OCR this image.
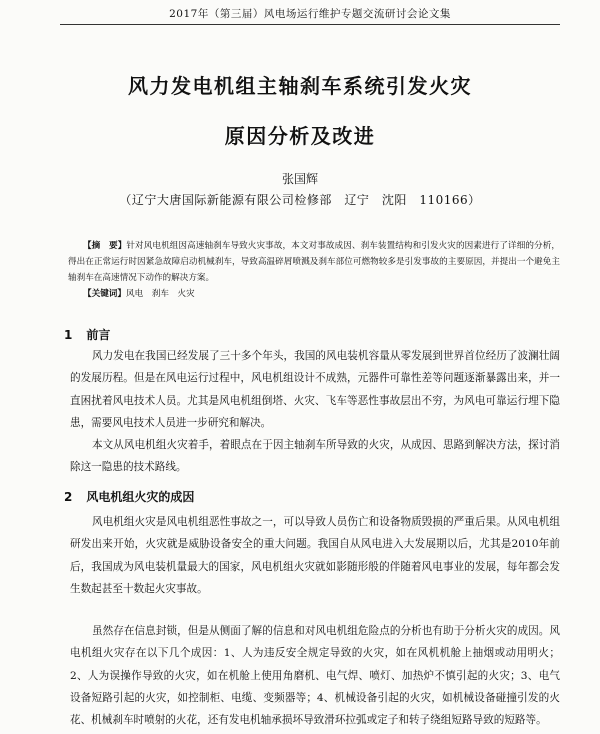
2017年（第三届）风电场运行维护专题交流研讨会论文集
风力发电机组主轴刹车系统引发火灾
原因分析及改进
张国辉
（辽宁大唐国际新能源有限公司检修部　辽宁　沈阳　110166）
【摘　要】针对风电机组因高速轴刹车导致火灾事故，本文对事故成因、刹车装置结构和引发火灾的因素进行了详细的分析，得出在正常运行时因紧急故障启动机械刹车，导致高温碎屑喷溅及刹车部位可燃物较多是引发事故的主要原因，并提出一个避免主轴刹车在高速情况下动作的解决方案。
【关键词】风电　刹车　火灾
1 前言
风力发电在我国已经发展了三十多个年头，我国的风电装机容量从零发展到世界首位经历了波澜壮阔的发展历程。但是在风电运行过程中，风电机组设计不成熟，元器件可靠性差等问题逐渐暴露出来，并一直困扰着风电技术人员。尤其是风电机组倒塔、火灾、飞车等恶性事故层出不穷，为风电可靠运行埋下隐患，需要风电技术人员进一步研究和解决。
本文从风电机组火灾着手，着眼点在于因主轴刹车所导致的火灾，从成因、思路到解决方法，探讨消除这一隐患的技术路线。
2 风电机组火灾的成因
风电机组火灾是风电机组恶性事故之一，可以导致人员伤亡和设备物质毁损的严重后果。从风电机组研发出来开始，火灾就是威胁设备安全的重大问题。我国自从风电进入大发展期以后，尤其是2010年前后，我国成为风电装机量最大的国家，风电机组火灾就如影随形般的伴随着风电事业的发展，每年都会发生数起甚至十数起火灾事故。
虽然存在信息封锁，但是从侧面了解的信息和对风电机组危险点的分析也有助于分析火灾的成因。风电机组火灾存在以下几个成因：1、人为违反安全规定导致的火灾，如在风机机舱上抽烟或动用明火；2、人为误操作导致的火灾，如在机舱上使用角磨机、电气焊、喷灯、加热炉不慎引起的火灾；3、电气设备短路引起的火灾，如控制柜、电缆、变频器等；4、机械设备引起的火灾，如机械设备碰撞引发的火花、机械刹车时喷射的火花，还有发电机轴承损坏导致滑环拉弧或定子和转子绕组短路导致的短路等。
